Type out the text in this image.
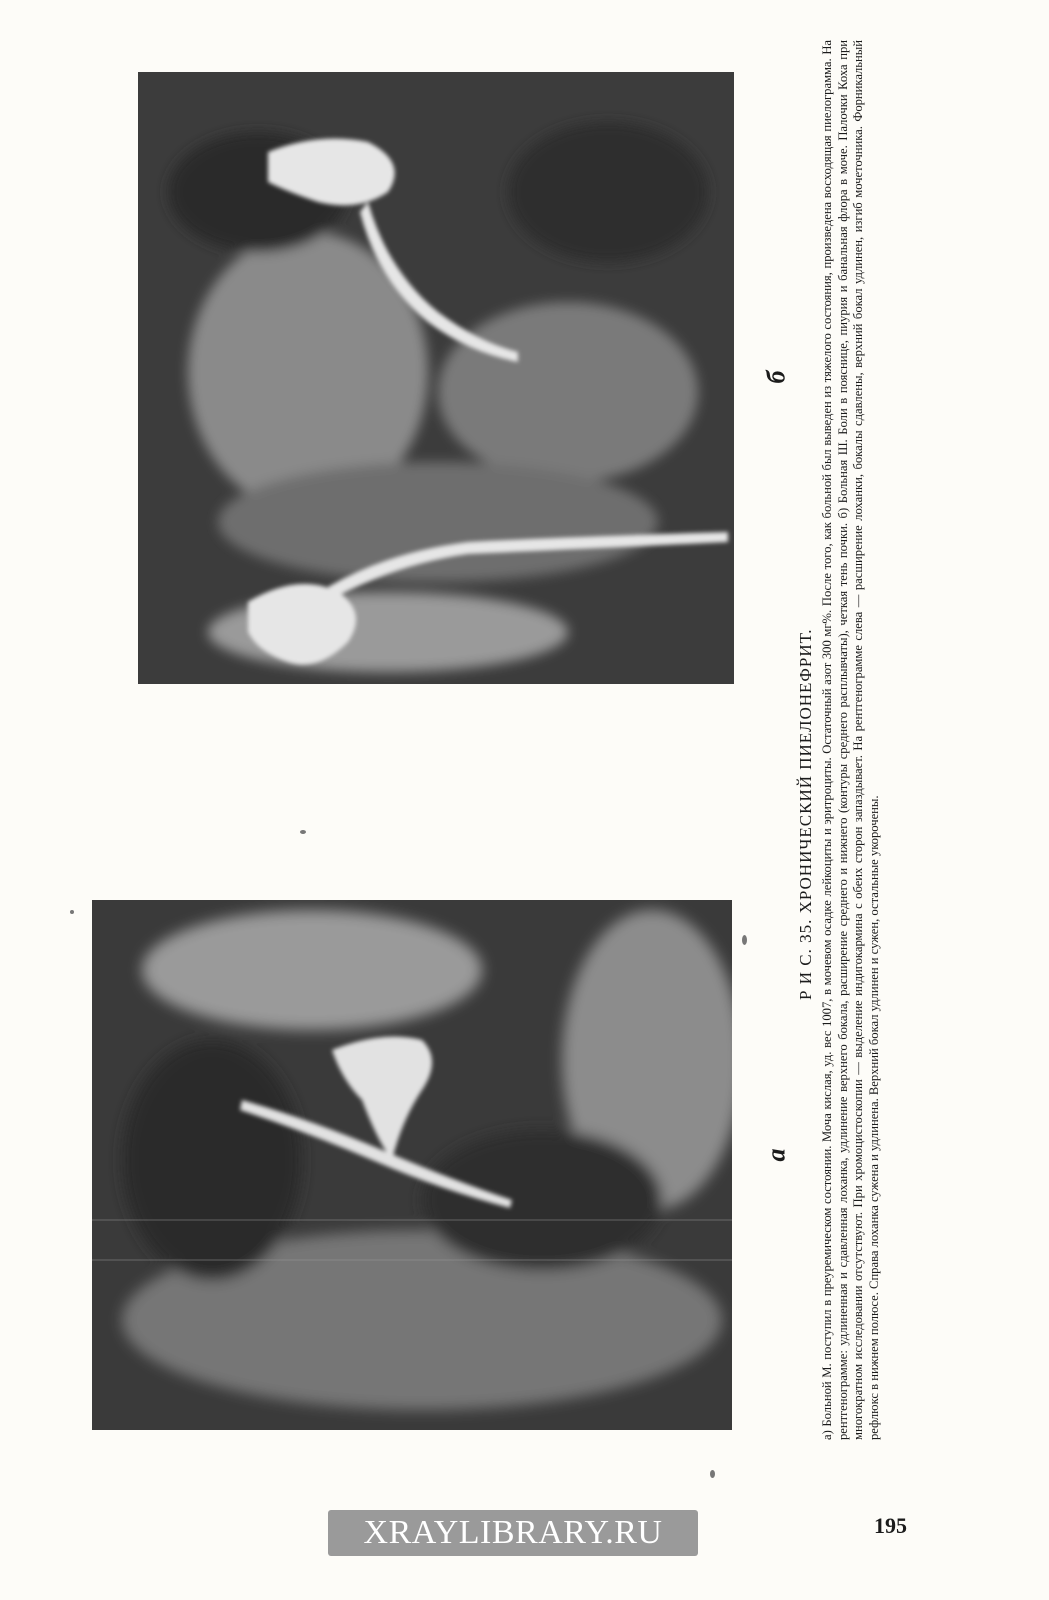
б
а
Р И С. 35. ХРОНИЧЕСКИЙ ПИЕЛОНЕФРИТ. а) Больной М. поступил в преуремическом состоянии. Моча кислая, уд. вес 1007, в мочевом осадке лейкоциты и эритроциты. Остаточный азот 300 мг%. После того, как больной был выведен из тяжелого состояния, произведена восходящая пиелограмма. На рентгенограмме: удлиненная и сдавленная лоханка, удлинение верхнего бокала, расширение среднего и нижнего (контуры среднего расплывчаты), четкая тень почки. б) Больная Ш. Боли в пояснице, пиурия и банальная флора в моче. Палочки Коха при многократном исследовании отсутствуют. При хромоцистоскопии — выделение индигокармина с обеих сторон запаздывает. На рентгенограмме слева — расширение лоханки, бокалы сдавлены, верхний бокал удлинен, изгиб мочеточника. Форникальный рефлюкс в нижнем полюсе. Справа лоханка сужена и удлинена. Верхний бокал удлинен и сужен, остальные укорочены.
XRAYLIBRARY.RU	195
